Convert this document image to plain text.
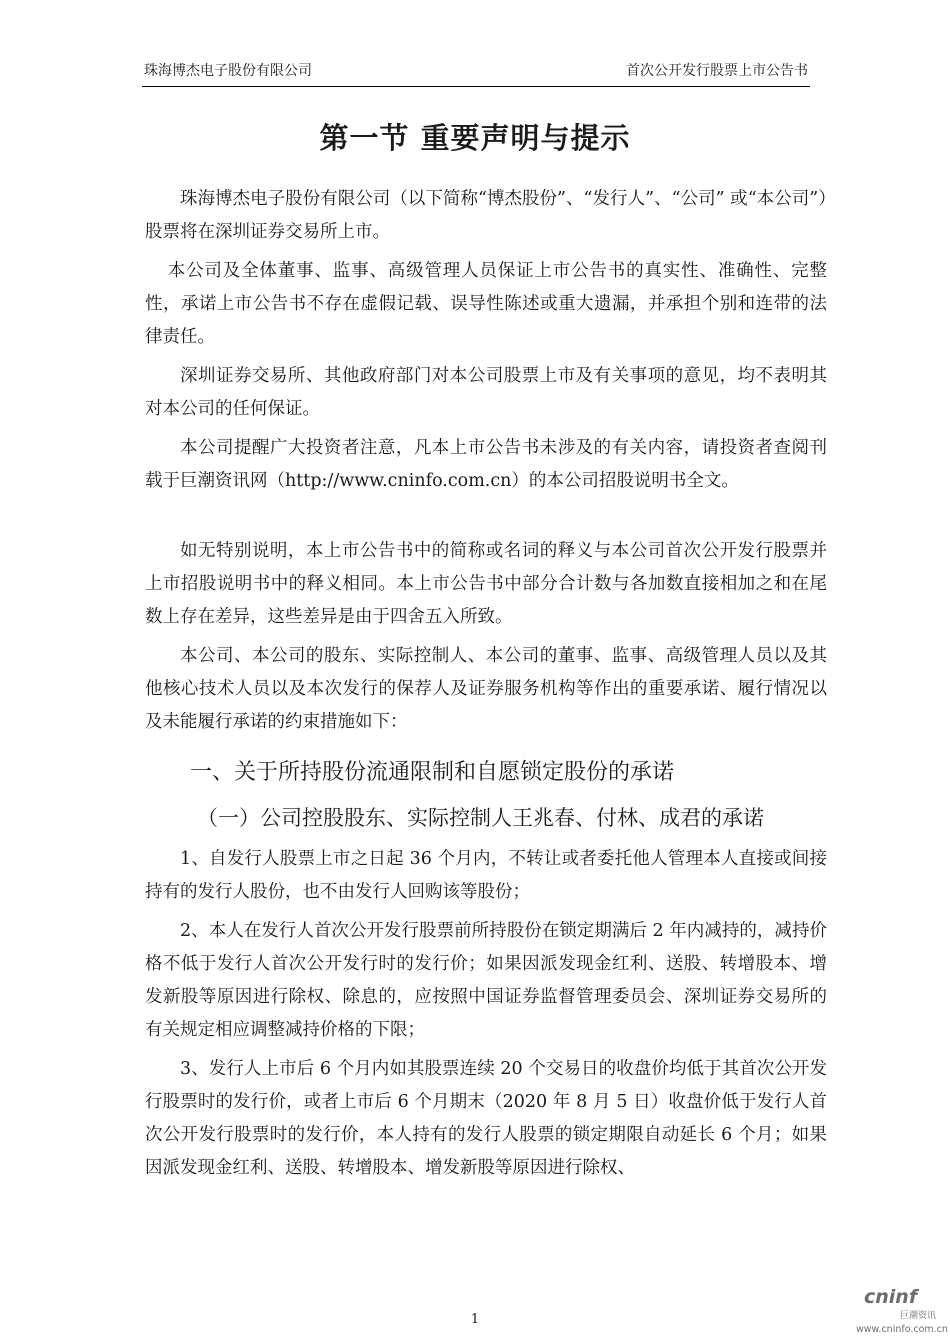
珠海博杰电子股份有限公司	首次公开发行股票上市公告书
第一节 重要声明与提示

珠海博杰电子股份有限公司（以下简称“博杰股份”、“发行人”、“公司” 或“本公司”）股票将在深圳证券交易所上市。

本公司及全体董事、监事、高级管理人员保证上市公告书的真实性、准确性、完整性，承诺上市公告书不存在虚假记载、误导性陈述或重大遗漏，并承担个别和连带的法律责任。

深圳证券交易所、其他政府部门对本公司股票上市及有关事项的意见，均不表明其对本公司的任何保证。

本公司提醒广大投资者注意，凡本上市公告书未涉及的有关内容，请投资者查阅刊载于巨潮资讯网（http://www.cninfo.com.cn）的本公司招股说明书全文。

如无特别说明，本上市公告书中的简称或名词的释义与本公司首次公开发行股票并上市招股说明书中的释义相同。本上市公告书中部分合计数与各加数直接相加之和在尾数上存在差异，这些差异是由于四舍五入所致。

本公司、本公司的股东、实际控制人、本公司的董事、监事、高级管理人员以及其他核心技术人员以及本次发行的保荐人及证券服务机构等作出的重要承诺、履行情况以及未能履行承诺的约束措施如下：

一、关于所持股份流通限制和自愿锁定股份的承诺
（一）公司控股股东、实际控制人王兆春、付林、成君的承诺

1、自发行人股票上市之日起 36 个月内，不转让或者委托他人管理本人直接或间接持有的发行人股份，也不由发行人回购该等股份；

2、本人在发行人首次公开发行股票前所持股份在锁定期满后 2 年内减持的，减持价格不低于发行人首次公开发行时的发行价；如果因派发现金红利、送股、转增股本、增发新股等原因进行除权、除息的，应按照中国证券监督管理委员会、深圳证券交易所的有关规定相应调整减持价格的下限；

3、发行人上市后 6 个月内如其股票连续 20 个交易日的收盘价均低于其首次公开发行股票时的发行价，或者上市后 6 个月期末（2020 年 8 月 5 日）收盘价低于发行人首次公开发行股票时的发行价，本人持有的发行人股票的锁定期限自动延长 6 个月；如果因派发现金红利、送股、转增股本、增发新股等原因进行除权、

1
cninf
巨潮资讯
www.cninfo.com.cn
